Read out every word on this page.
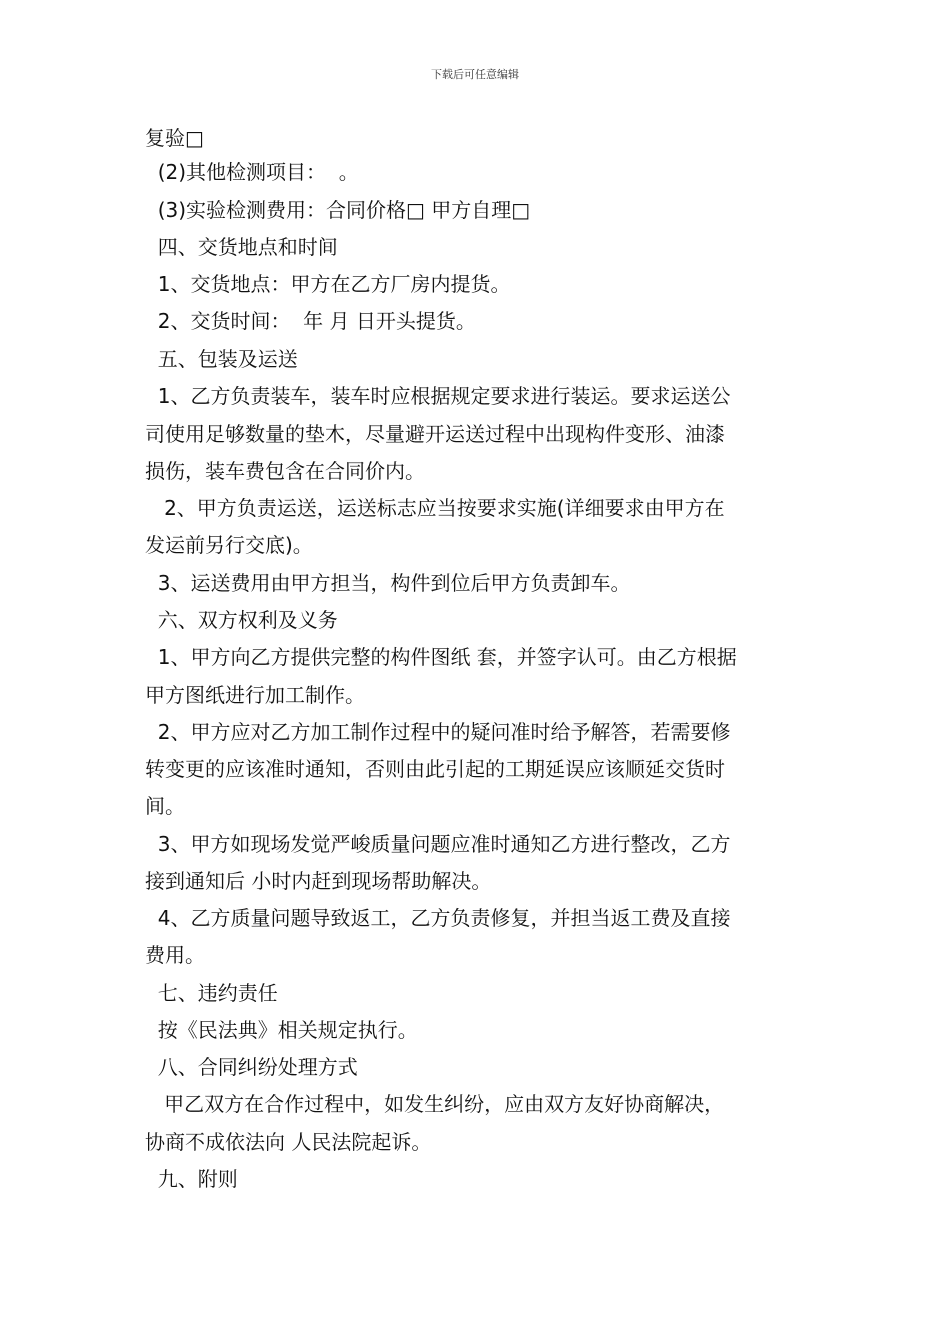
下载后可任意编辑
复验□
(2)其他检测项目：  。
(3)实验检测费用：合同价格□ 甲方自理□
四、交货地点和时间
1、交货地点：甲方在乙方厂房内提货。
2、交货时间：  年 月 日开头提货。
五、包装及运送
1、乙方负责装车，装车时应根据规定要求进行装运。要求运送公
司使用足够数量的垫木，尽量避开运送过程中出现构件变形、油漆
损伤，装车费包含在合同价内。
2、甲方负责运送，运送标志应当按要求实施(详细要求由甲方在
发运前另行交底)。
3、运送费用由甲方担当，构件到位后甲方负责卸车。
六、双方权利及义务
1、甲方向乙方提供完整的构件图纸 套，并签字认可。由乙方根据
甲方图纸进行加工制作。
2、甲方应对乙方加工制作过程中的疑问准时给予解答，若需要修
转变更的应该准时通知，否则由此引起的工期延误应该顺延交货时
间。
3、甲方如现场发觉严峻质量问题应准时通知乙方进行整改，乙方
接到通知后 小时内赶到现场帮助解决。
4、乙方质量问题导致返工，乙方负责修复，并担当返工费及直接
费用。
七、违约责任
按《民法典》相关规定执行。
八、合同纠纷处理方式
甲乙双方在合作过程中，如发生纠纷，应由双方友好协商解决，
协商不成依法向 人民法院起诉。
九、附则
